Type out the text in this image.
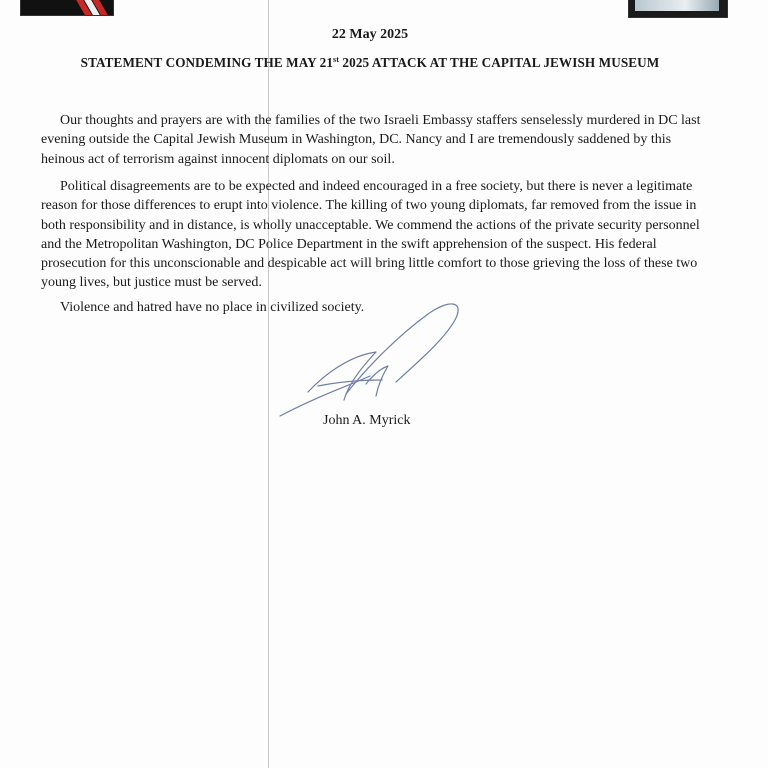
22 May 2025
STATEMENT CONDEMING THE MAY 21st 2025 ATTACK AT THE CAPITAL JEWISH MUSEUM

Our thoughts and prayers are with the families of the two Israeli Embassy staffers senselessly murdered in DC last evening outside the Capital Jewish Museum in Washington, DC. Nancy and I are tremendously saddened by this heinous act of terrorism against innocent diplomats on our soil.

Political disagreements are to be expected and indeed encouraged in a free society, but there is never a legitimate reason for those differences to erupt into violence. The killing of two young diplomats, far removed from the issue in both responsibility and in distance, is wholly unacceptable. We commend the actions of the private security personnel and the Metropolitan Washington, DC Police Department in the swift apprehension of the suspect. His federal prosecution for this unconscionable and despicable act will bring little comfort to those grieving the loss of these two young lives, but justice must be served.

Violence and hatred have no place in civilized society.

John A. Myrick
